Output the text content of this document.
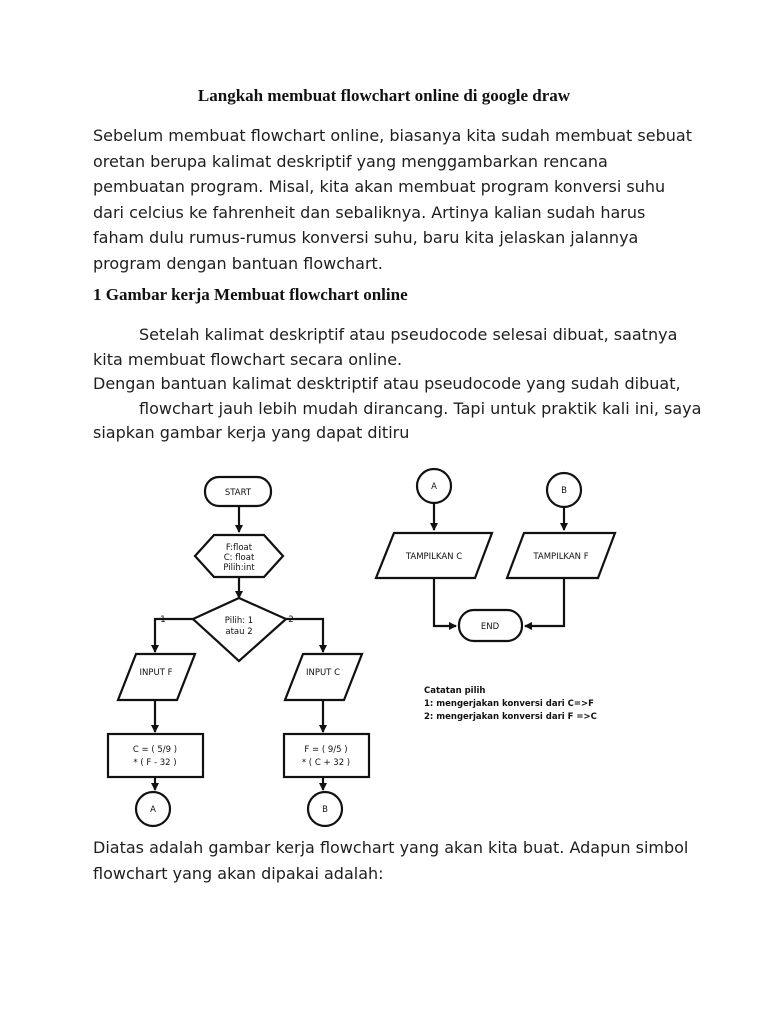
Langkah membuat flowchart online di google draw

Sebelum membuat flowchart online, biasanya kita sudah membuat sebuat oretan berupa kalimat deskriptif yang menggambarkan rencana pembuatan program. Misal, kita akan membuat program konversi suhu dari celcius ke fahrenheit dan sebaliknya. Artinya kalian sudah harus faham dulu rumus-rumus konversi suhu, baru kita jelaskan jalannya program dengan bantuan flowchart.

1 Gambar kerja Membuat flowchart online

Setelah kalimat deskriptif atau pseudocode selesai dibuat, saatnya
kita membuat flowchart secara online.
Dengan bantuan kalimat desktriptif atau pseudocode yang sudah dibuat,
flowchart jauh lebih mudah dirancang. Tapi untuk praktik kali ini, saya
siapkan gambar kerja yang dapat ditiru

START
F:float
C: float
Pilih:int
Pilih: 1
atau 2
1	2
INPUT F	INPUT C
C = ( 5/9 )
* ( F - 32 )
F = ( 9/5 )
* ( C + 32 )
A	B
A	B
TAMPILKAN C	TAMPILKAN F
END
Catatan pilih
1: mengerjakan konversi dari C=>F
2: mengerjakan konversi dari F =>C

Diatas adalah gambar kerja flowchart yang akan kita buat. Adapun simbol flowchart yang akan dipakai adalah:
